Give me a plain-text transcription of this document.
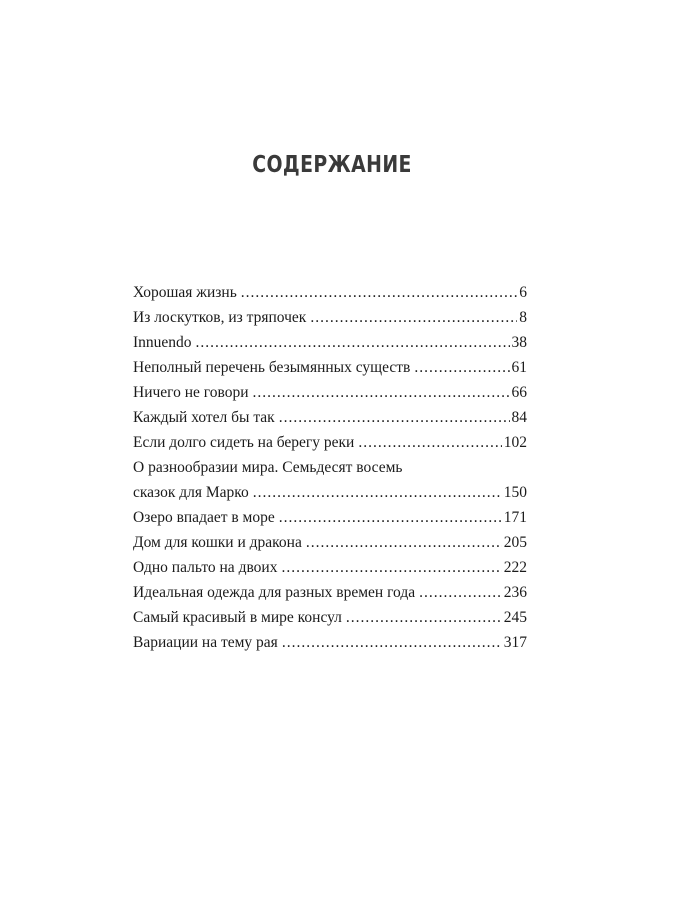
СОДЕРЖАНИЕ
Хорошая жизнь .....	6
Из лоскутков, из тряпочек .....	8
Innuendo .....	38
Неполный перечень безымянных существ .....	61
Ничего не говори .....	66
Каждый хотел бы так .....	84
Если долго сидеть на берегу реки .....	102
О разнообразии мира. Семьдесят восемь
сказок для Марко .....	150
Озеро впадает в море .....	171
Дом для кошки и дракона .....	205
Одно пальто на двоих .....	222
Идеальная одежда для разных времен года .....	236
Самый красивый в мире консул .....	245
Вариации на тему рая .....	317
